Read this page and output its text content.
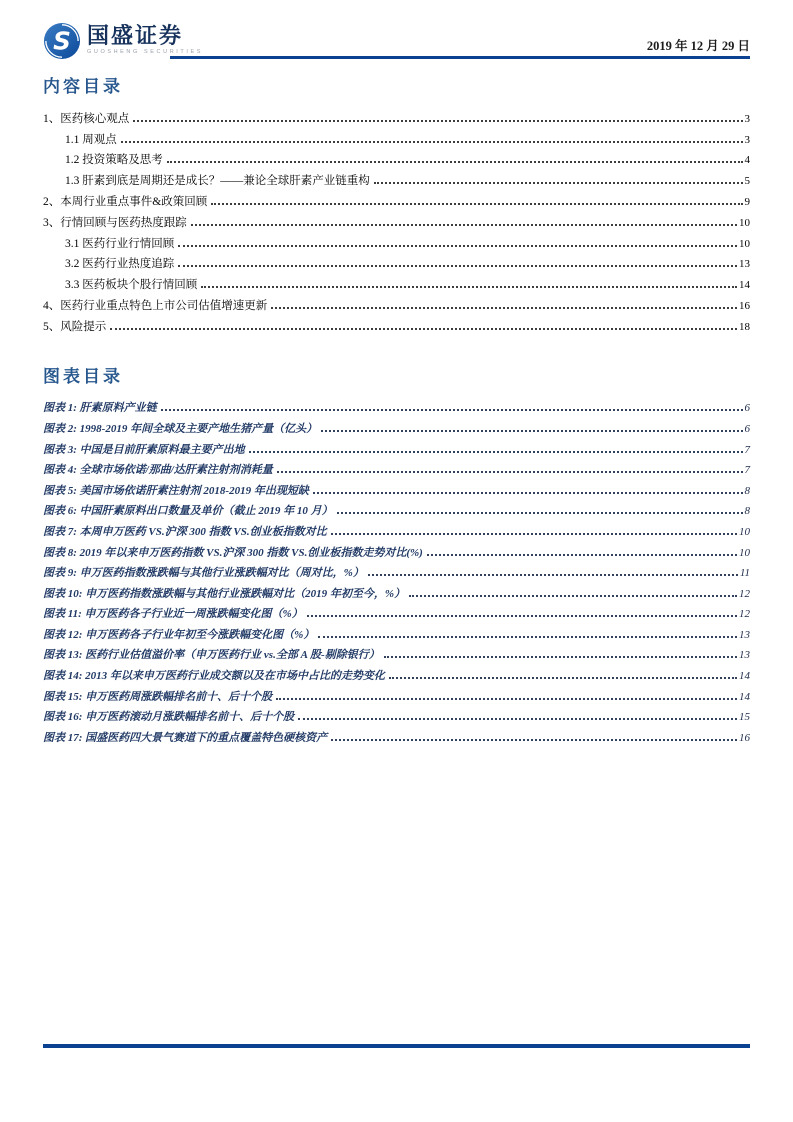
S 国盛证券
GUOSHENG SECURITIES	2019 年 12 月 29 日
内容目录
1、医药核心观点	3
1.1 周观点	3
1.2 投资策略及思考	4
1.3 肝素到底是周期还是成长？——兼论全球肝素产业链重构	5
2、本周行业重点事件&政策回顾	9
3、行情回顾与医药热度跟踪	10
3.1 医药行业行情回顾	10
3.2 医药行业热度追踪	13
3.3 医药板块个股行情回顾	14
4、医药行业重点特色上市公司估值增速更新	16
5、风险提示	18
图表目录
图表 1: 肝素原料产业链	6
图表 2: 1998-2019 年间全球及主要产地生猪产量（亿头）	6
图表 3: 中国是目前肝素原料最主要产出地	7
图表 4: 全球市场依诺/那曲/达肝素注射剂消耗量	7
图表 5: 美国市场依诺肝素注射剂 2018-2019 年出现短缺	8
图表 6: 中国肝素原料出口数量及单价（截止 2019 年 10 月）	8
图表 7: 本周申万医药 VS.沪深 300 指数 VS.创业板指数对比	10
图表 8: 2019 年以来申万医药指数 VS.沪深 300 指数 VS.创业板指数走势对比(%)	10
图表 9: 申万医药指数涨跌幅与其他行业涨跌幅对比（周对比，%）	11
图表 10: 申万医药指数涨跌幅与其他行业涨跌幅对比（2019 年初至今，%）	12
图表 11: 申万医药各子行业近一周涨跌幅变化图（%）	12
图表 12: 申万医药各子行业年初至今涨跌幅变化图（%）	13
图表 13: 医药行业估值溢价率（申万医药行业 vs.全部 A 股-剔除银行）	13
图表 14: 2013 年以来申万医药行业成交额以及在市场中占比的走势变化	14
图表 15: 申万医药周涨跌幅排名前十、后十个股	14
图表 16: 申万医药滚动月涨跌幅排名前十、后十个股	15
图表 17: 国盛医药四大景气赛道下的重点覆盖特色硬核资产	16
